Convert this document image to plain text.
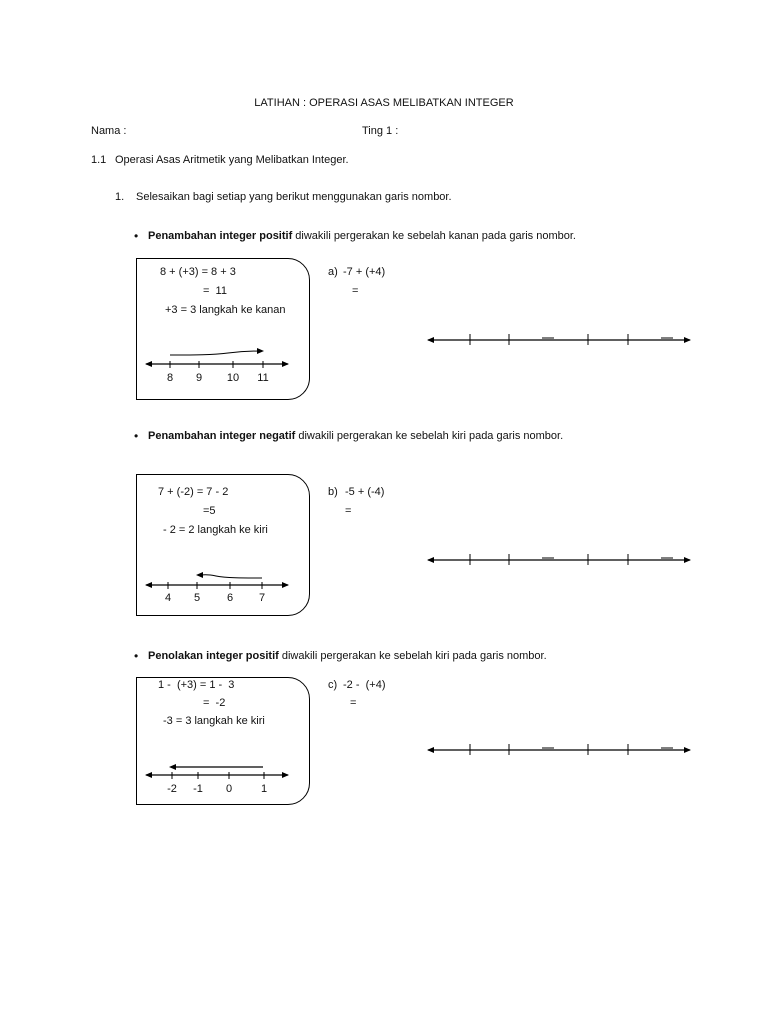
LATIHAN : OPERASI ASAS MELIBATKAN INTEGER
Nama :	Ting 1 :
1.1 Operasi Asas Aritmetik yang Melibatkan Integer.
1. Selesaikan bagi setiap yang berikut menggunakan garis nombor.
•
Penambahan integer positif diwakili pergerakan ke sebelah kanan pada garis nombor.
8 + (+3) = 8 + 3
=  11
+3 = 3 langkah ke kanan
8 9 10 11
a) -7 + (+4)
=
•
Penambahan integer negatif diwakili pergerakan ke sebelah kiri pada garis nombor.
7 + (-2) = 7 - 2
=5
- 2 = 2 langkah ke kiri
4 5 6 7
b) -5 + (-4)
=
•
Penolakan integer positif diwakili pergerakan ke sebelah kiri pada garis nombor.
1 -  (+3) = 1 -  3
=  -2
-3 = 3 langkah ke kiri
-2 -1 0	1
c) -2 -  (+4)
=
